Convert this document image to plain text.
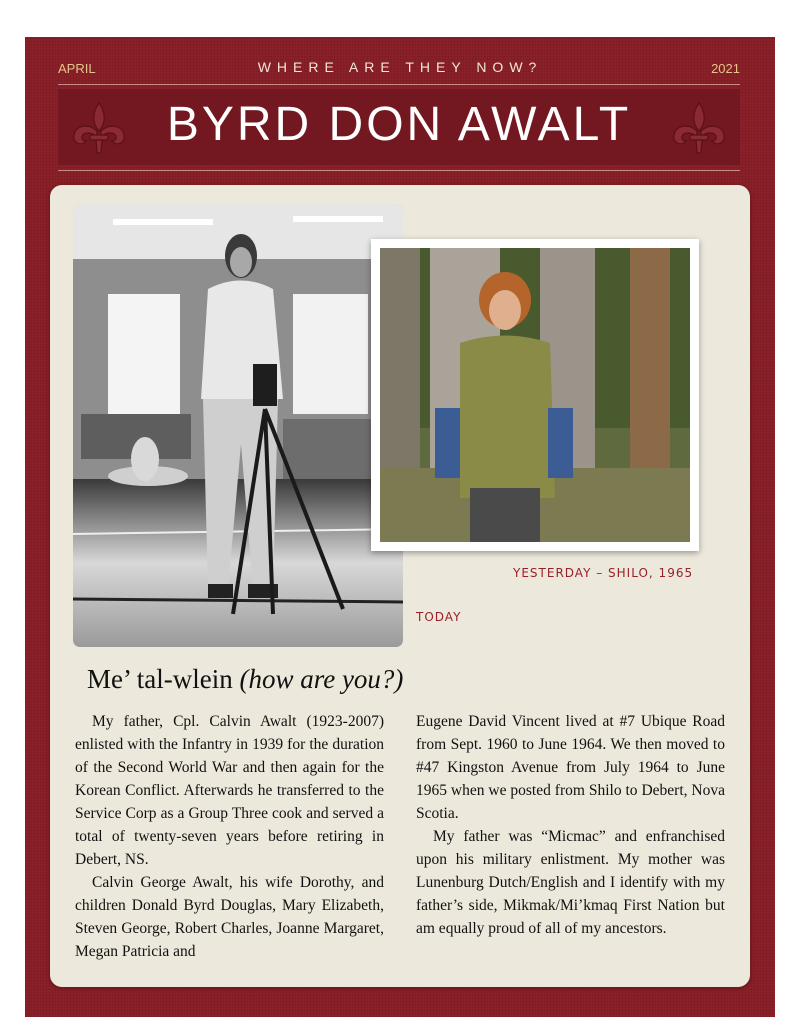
APRIL	WHERE ARE THEY NOW?	2021
BYRD DON AWALT
YESTERDAY – SHILO, 1965
TODAY
Me’ tal-wlein (how are you?)

My father, Cpl. Calvin Awalt (1923-2007) enlisted with the Infantry in 1939 for the duration of the Second World War and then again for the Korean Conflict. Afterwards he transferred to the Service Corp as a Group Three cook and served a total of twenty-seven years before retiring in Debert, NS.

Calvin George Awalt, his wife Dorothy, and children Donald Byrd Douglas, Mary Elizabeth, Steven George, Robert Charles, Joanne Margaret, Megan Patricia and

Eugene David Vincent lived at #7 Ubique Road from Sept. 1960 to June 1964. We then moved to #47 Kingston Avenue from July 1964 to June 1965 when we posted from Shilo to Debert, Nova Scotia.

My father was “Micmac” and enfranchised upon his military enlistment. My mother was Lunenburg Dutch/English and I identify with my father’s side, Mikmak/Mi’kmaq First Nation but am equally proud of all of my ancestors.
